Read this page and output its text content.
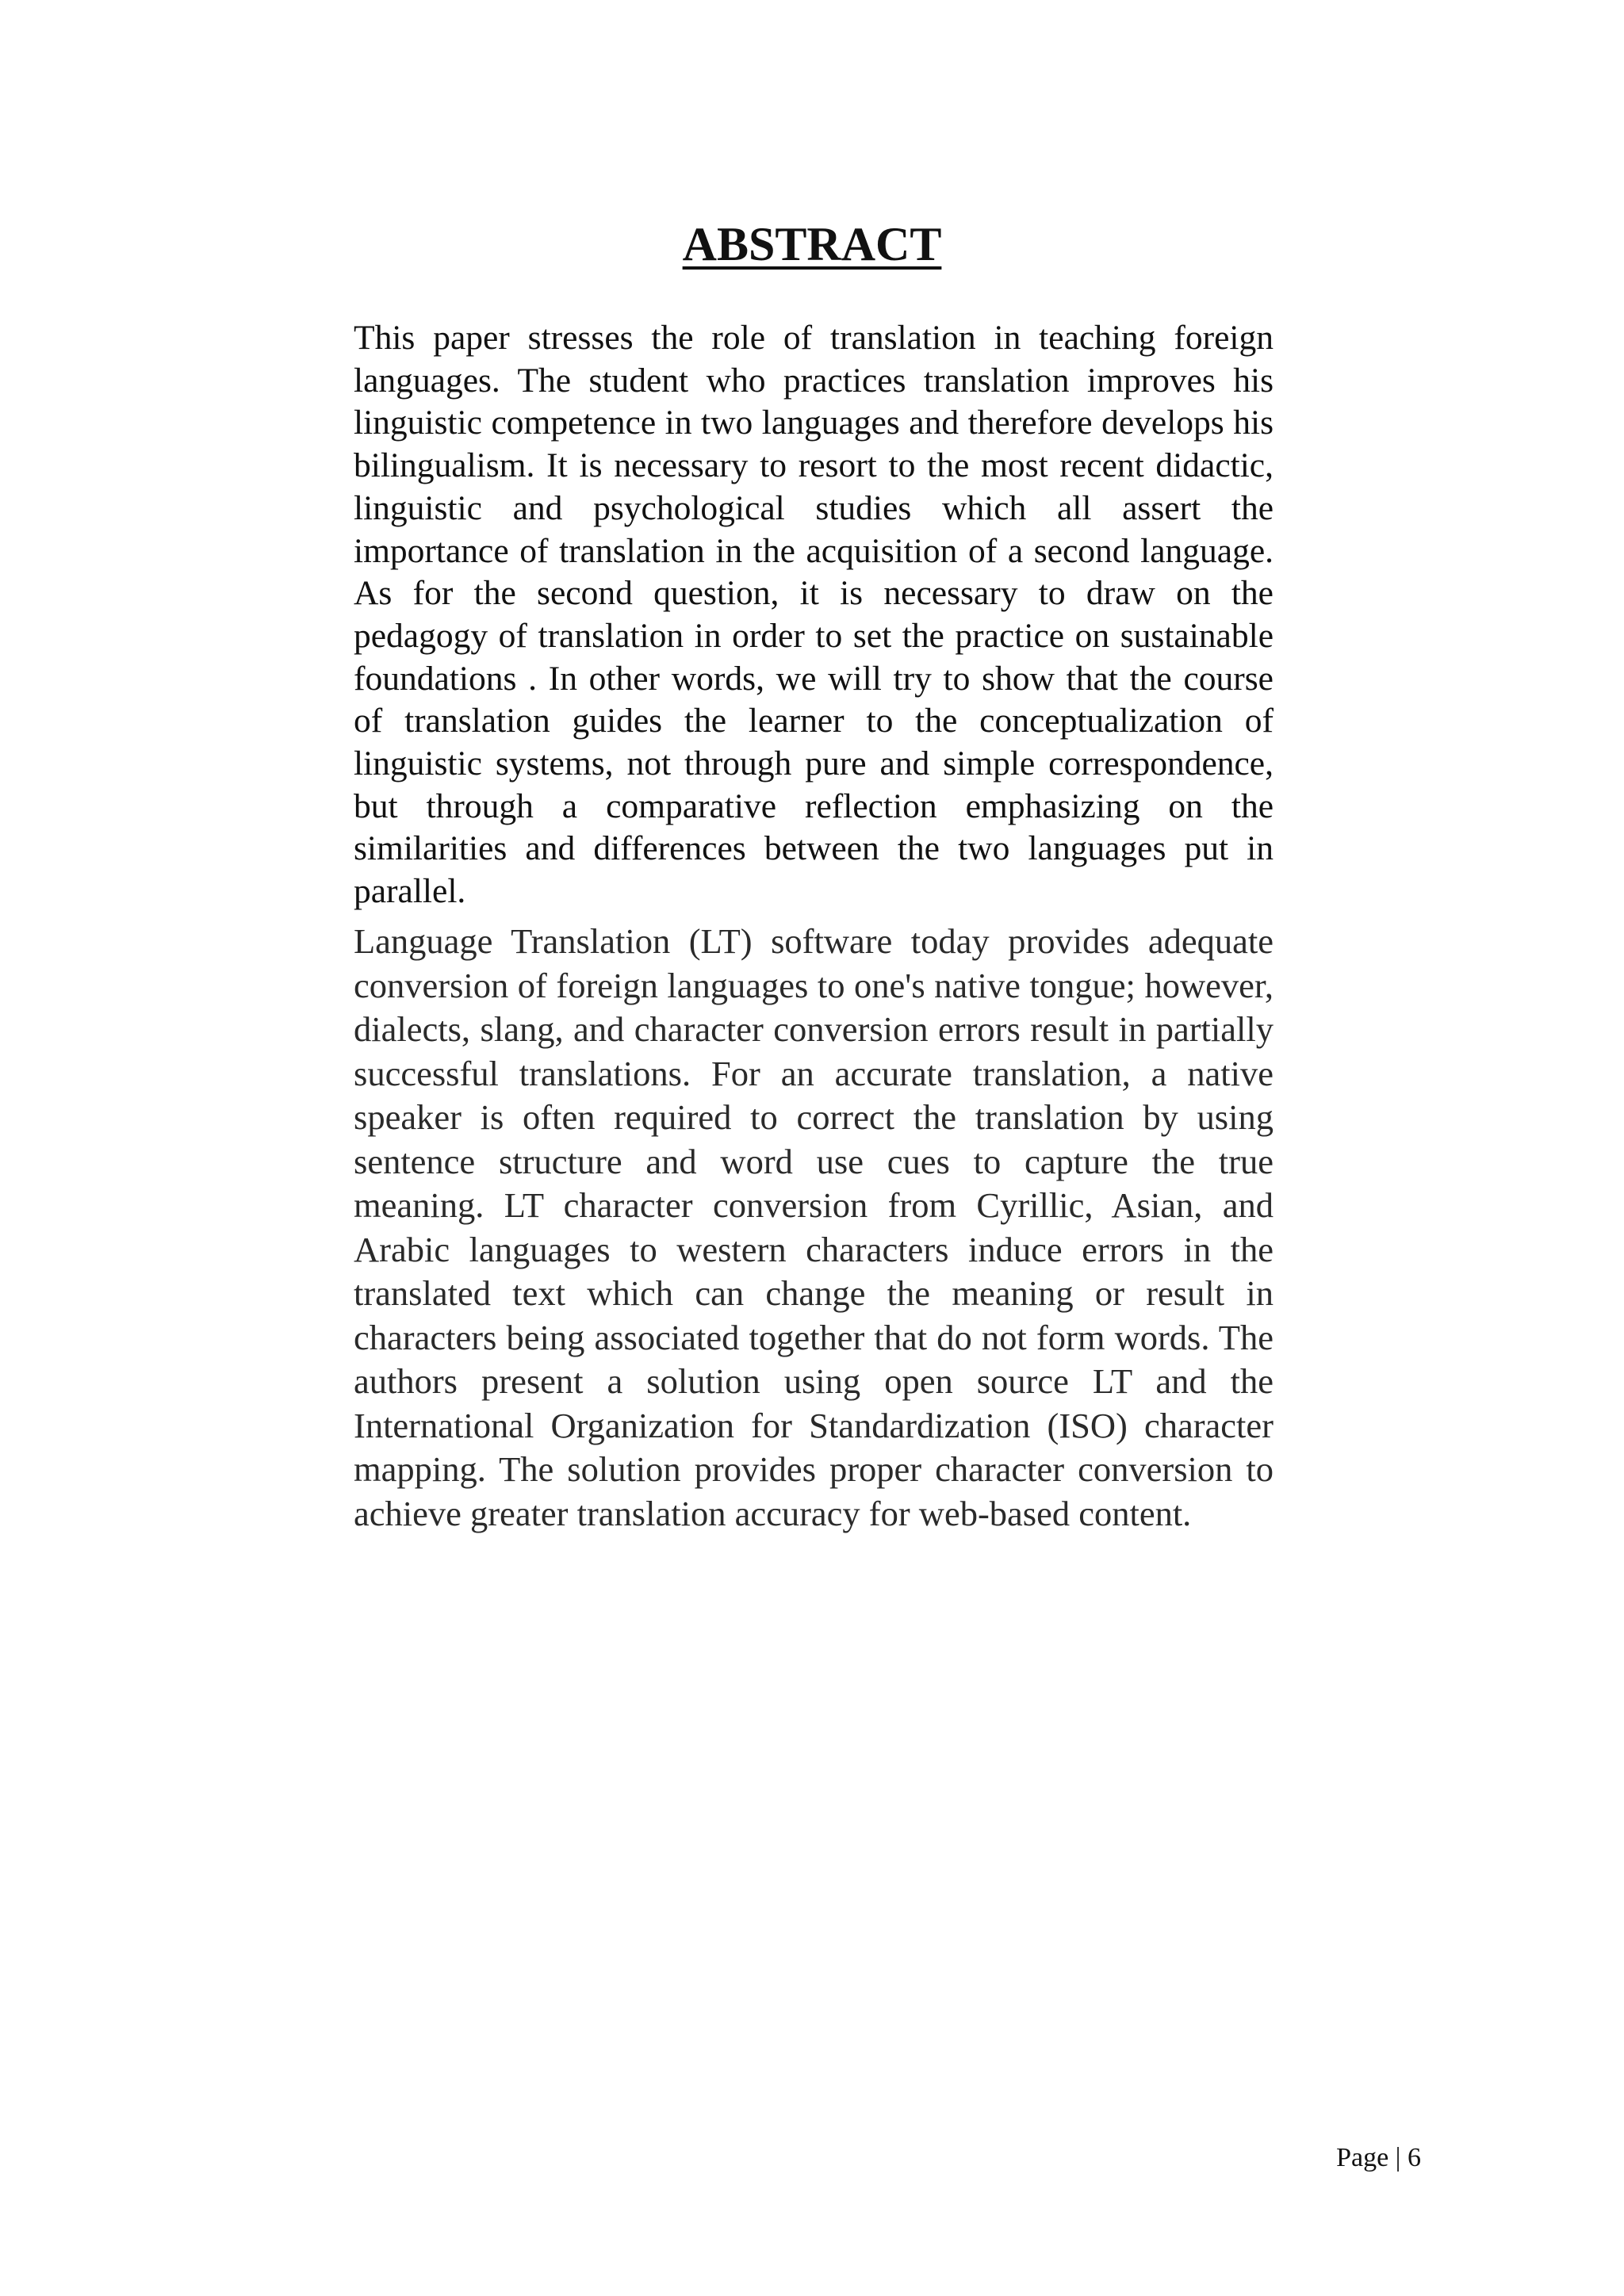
ABSTRACT

This paper stresses the role of translation in teaching foreign languages. The student who practices translation improves his linguistic competence in two languages and therefore develops his bilingualism. It is necessary to resort to the most recent didactic, linguistic and psychological studies which all assert the importance of translation in the acquisition of a second language. As for the second question, it is necessary to draw on the pedagogy of translation in order to set the practice on sustainable foundations . In other words, we will try to show that the course of translation guides the learner to the conceptualization of linguistic systems, not through pure and simple correspondence, but through a comparative reflection emphasizing on the similarities and differences between the two languages put in parallel.

Language Translation (LT) software today provides adequate conversion of foreign languages to one's native tongue; however, dialects, slang, and character conversion errors result in partially successful translations. For an accurate translation, a native speaker is often required to correct the translation by using sentence structure and word use cues to capture the true meaning. LT character conversion from Cyrillic, Asian, and Arabic languages to western characters induce errors in the translated text which can change the meaning or result in characters being associated together that do not form words. The authors present a solution using open source LT and the International Organization for Standardization (ISO) character mapping. The solution provides proper character conversion to achieve greater translation accuracy for web-based content.

Page | 6
